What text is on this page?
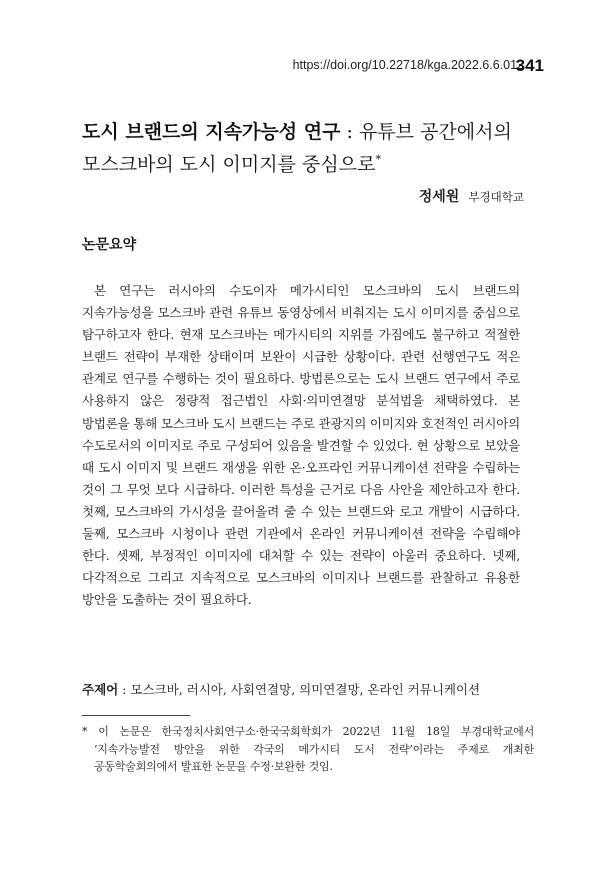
https://doi.org/10.22718/kga.2022.6.6.012
341
도시 브랜드의 지속가능성 연구 : 유튜브 공간에서의 모스크바의 도시 이미지를 중심으로*
정세원 부경대학교
논문요약

본 연구는 러시아의 수도이자 메가시티인 모스크바의 도시 브랜드의 지속가능성을 모스크바 관련 유튜브 동영상에서 비춰지는 도시 이미지를 중심으로 탐구하고자 한다. 현재 모스크바는 메가시티의 지위를 가짐에도 불구하고 적절한 브랜드 전략이 부재한 상태이며 보완이 시급한 상황이다. 관련 선행연구도 적은 관계로 연구를 수행하는 것이 필요하다. 방법론으로는 도시 브랜드 연구에서 주로 사용하지 않은 정량적 접근법인 사회·의미연결망 분석법을 채택하였다. 본 방법론을 통해 모스크바 도시 브랜드는 주로 관광지의 이미지와 호전적인 러시아의 수도로서의 이미지로 주로 구성되어 있음을 발견할 수 있었다. 현 상황으로 보았을 때 도시 이미지 및 브랜드 재생을 위한 온·오프라인 커뮤니케이션 전략을 수립하는 것이 그 무엇 보다 시급하다. 이러한 특성을 근거로 다음 사안을 제안하고자 한다. 첫째, 모스크바의 가시성을 끌어올려 줄 수 있는 브랜드와 로고 개발이 시급하다. 둘째, 모스크바 시청이나 관련 기관에서 온라인 커뮤니케이션 전략을 수립해야 한다. 셋째, 부정적인 이미지에 대처할 수 있는 전략이 아울러 중요하다. 넷째, 다각적으로 그리고 지속적으로 모스크바의 이미지나 브랜드를 관찰하고 유용한 방안을 도출하는 것이 필요하다.

주제어 : 모스크바, 러시아, 사회연결망, 의미연결망, 온라인 커뮤니케이션

* 이 논문은 한국정치사회연구소·한국국회학회가 2022년 11월 18일 부경대학교에서 ‘지속가능발전 방안을 위한 각국의 메가시티 도시 전략’이라는 주제로 개최한 공동학술회의에서 발표한 논문을 수정·보완한 것임.
